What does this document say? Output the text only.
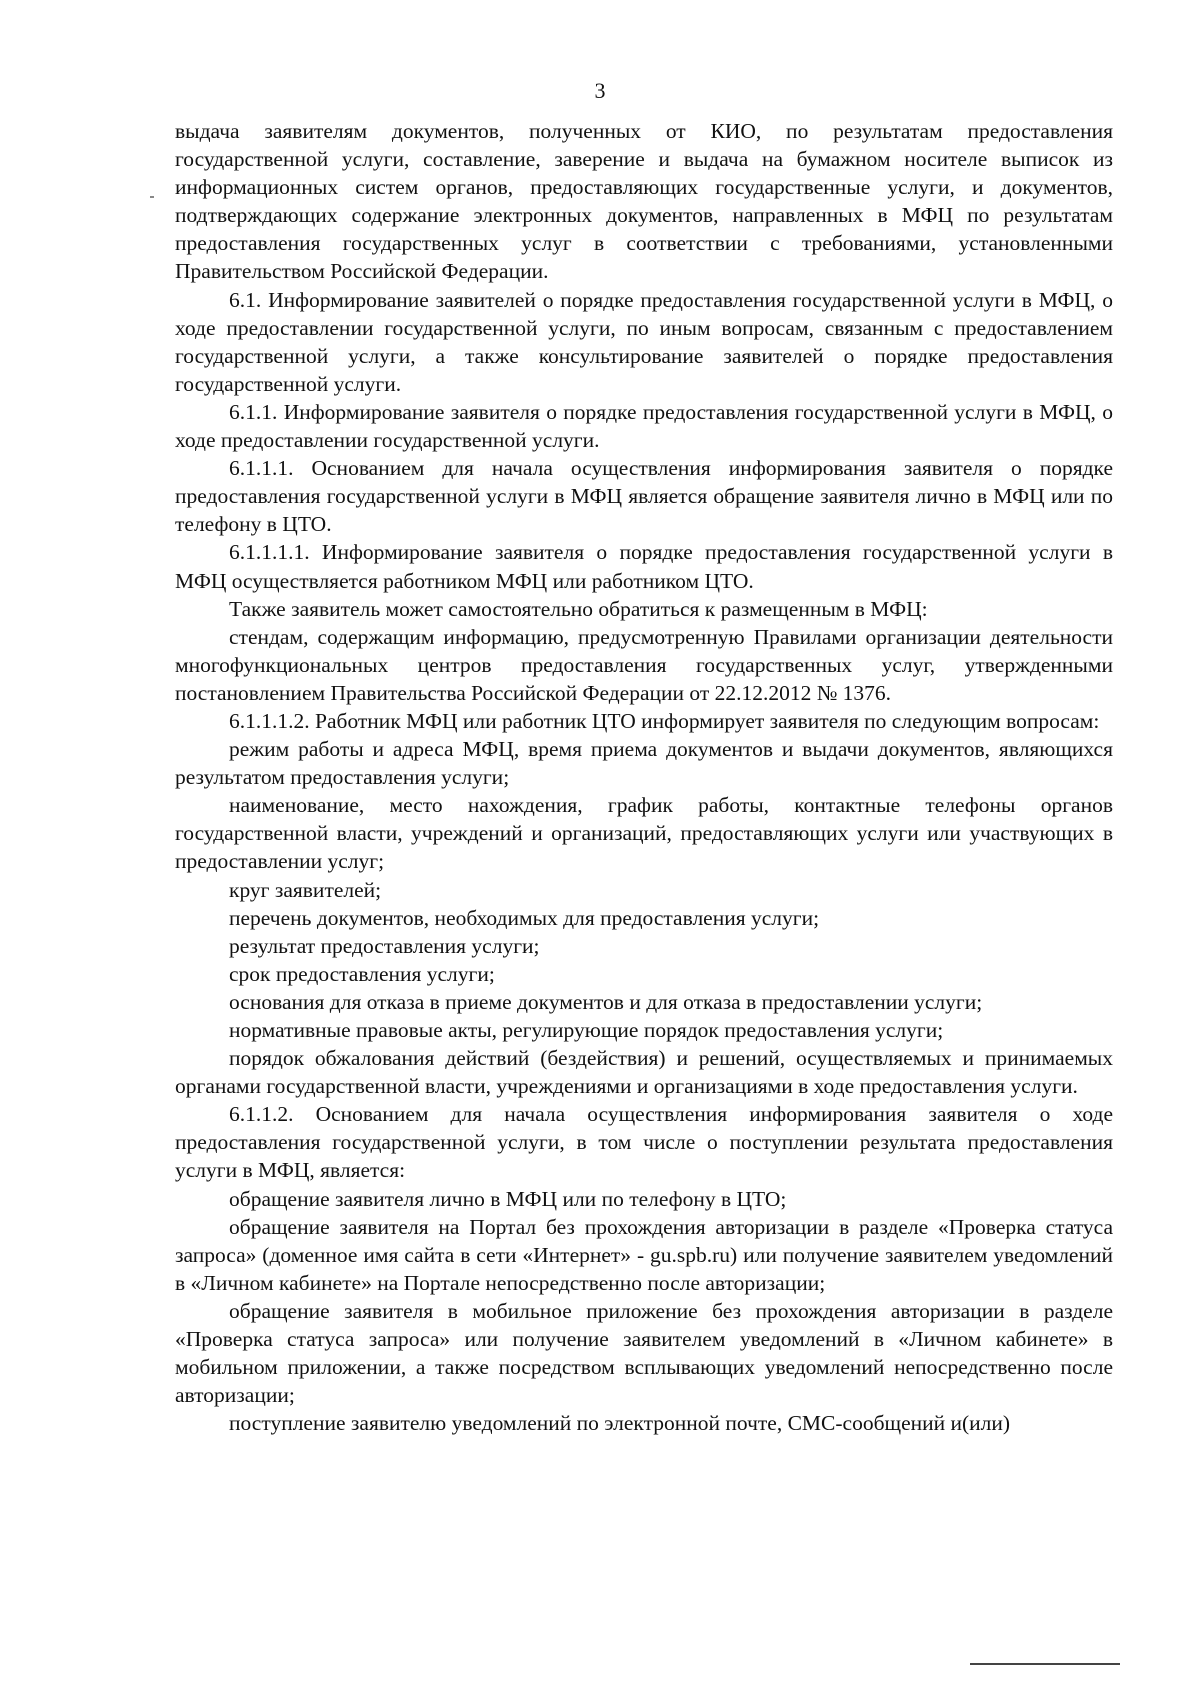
3

выдача заявителям документов, полученных от КИО, по результатам предоставления государственной услуги, составление, заверение и выдача на бумажном носителе выписок из информационных систем органов, предоставляющих государственные услуги, и документов, подтверждающих содержание электронных документов, направленных в МФЦ по результатам предоставления государственных услуг в соответствии с требованиями, установленными Правительством Российской Федерации.

6.1. Информирование заявителей о порядке предоставления государственной услуги в МФЦ, о ходе предоставлении государственной услуги, по иным вопросам, связанным с предоставлением государственной услуги, а также консультирование заявителей о порядке предоставления государственной услуги.

6.1.1. Информирование заявителя о порядке предоставления государственной услуги в МФЦ, о ходе предоставлении государственной услуги.

6.1.1.1. Основанием для начала осуществления информирования заявителя о порядке предоставления государственной услуги в МФЦ является обращение заявителя лично в МФЦ или по телефону в ЦТО.

6.1.1.1.1. Информирование заявителя о порядке предоставления государственной услуги в МФЦ осуществляется работником МФЦ или работником ЦТО.

Также заявитель может самостоятельно обратиться к размещенным в МФЦ:

стендам, содержащим информацию, предусмотренную Правилами организации деятельности многофункциональных центров предоставления государственных услуг, утвержденными постановлением Правительства Российской Федерации от 22.12.2012 № 1376.

6.1.1.1.2. Работник МФЦ или работник ЦТО информирует заявителя по следующим вопросам:

режим работы и адреса МФЦ, время приема документов и выдачи документов, являющихся результатом предоставления услуги;

наименование, место нахождения, график работы, контактные телефоны органов государственной власти, учреждений и организаций, предоставляющих услуги или участвующих в предоставлении услуг;

круг заявителей;

перечень документов, необходимых для предоставления услуги;

результат предоставления услуги;

срок предоставления услуги;

основания для отказа в приеме документов и для отказа в предоставлении услуги;

нормативные правовые акты, регулирующие порядок предоставления услуги;

порядок обжалования действий (бездействия) и решений, осуществляемых и принимаемых органами государственной власти, учреждениями и организациями в ходе предоставления услуги.

6.1.1.2. Основанием для начала осуществления информирования заявителя о ходе предоставления государственной услуги, в том числе о поступлении результата предоставления услуги в МФЦ, является:

обращение заявителя лично в МФЦ или по телефону в ЦТО;

обращение заявителя на Портал без прохождения авторизации в разделе «Проверка статуса запроса» (доменное имя сайта в сети «Интернет» - gu.spb.ru) или получение заявителем уведомлений в «Личном кабинете» на Портале непосредственно после авторизации;

обращение заявителя в мобильное приложение без прохождения авторизации в разделе «Проверка статуса запроса» или получение заявителем уведомлений в «Личном кабинете» в мобильном приложении, а также посредством всплывающих уведомлений непосредственно после авторизации;

поступление заявителю уведомлений по электронной почте, СМС-сообщений и(или)
